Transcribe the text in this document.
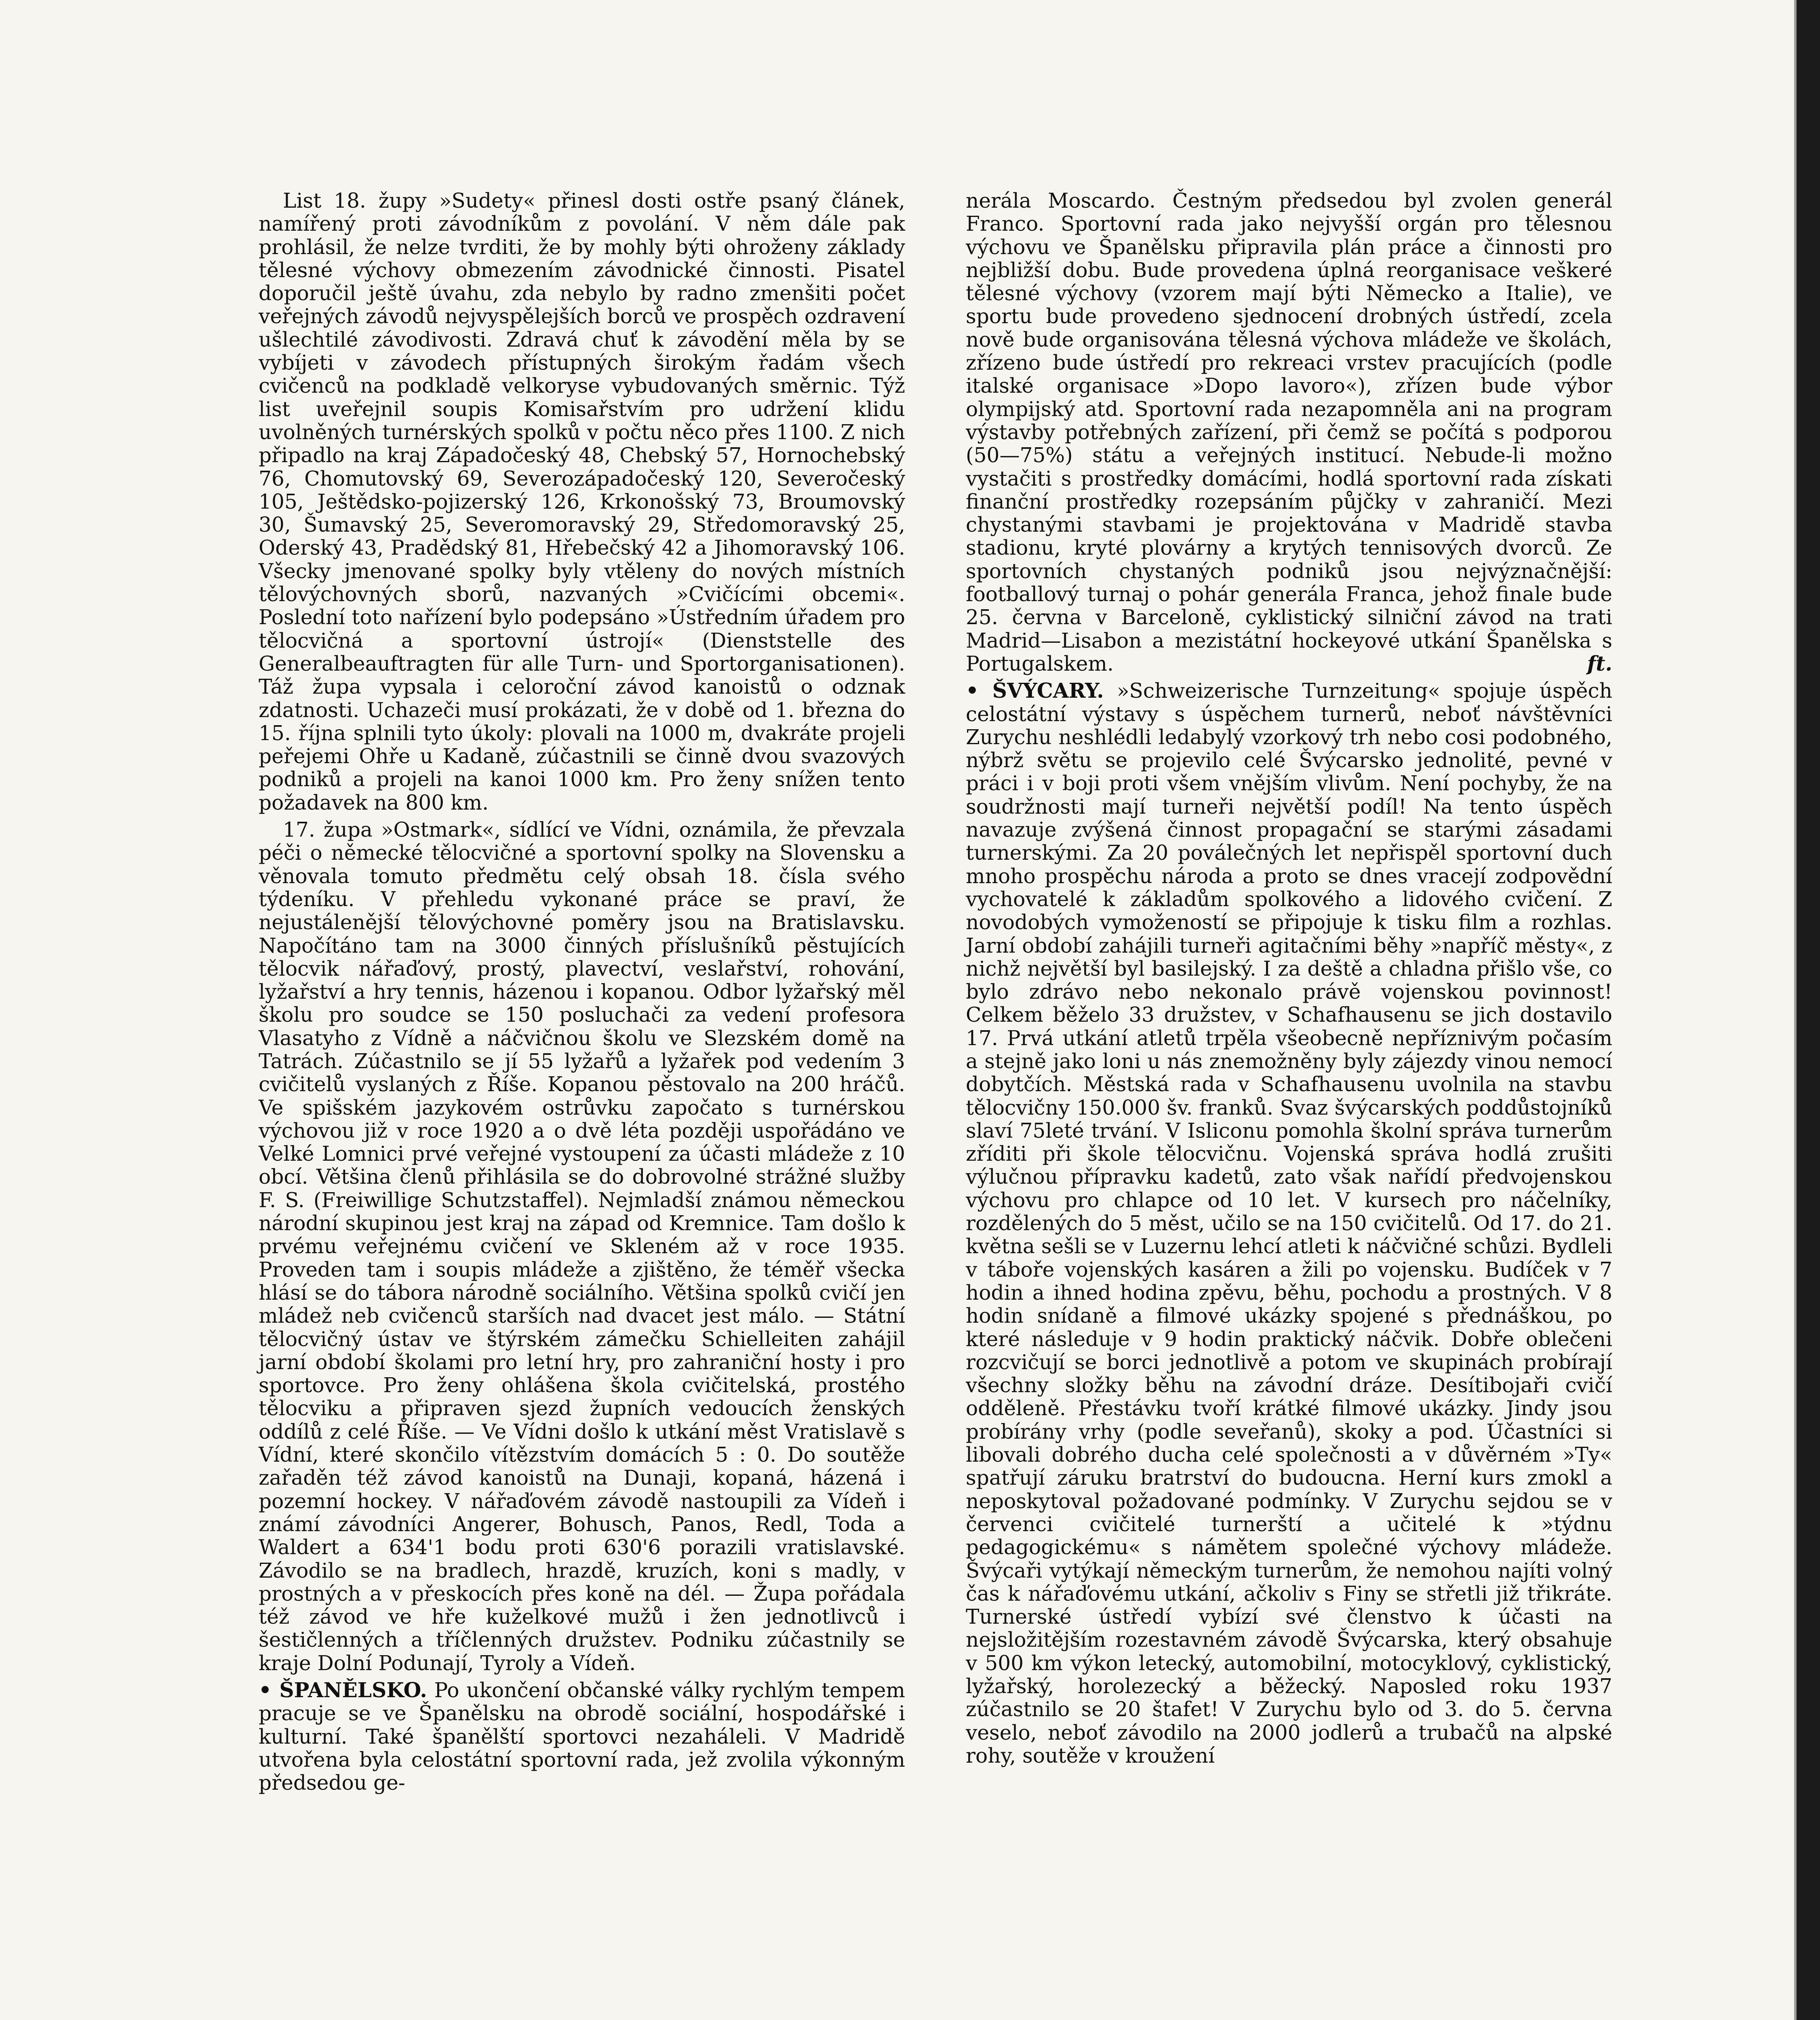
List 18. župy »Sudety« přinesl dosti ostře psaný článek, namířený proti závodníkům z povolání. V něm dále pak prohlásil, že nelze tvrditi, že by mohly býti ohroženy základy tělesné výchovy obmezením závodnické činnosti. Pisatel doporučil ještě úvahu, zda nebylo by radno zmenšiti počet veřejných závodů nejvyspělejších borců ve prospěch ozdravení ušlechtilé závodivosti. Zdravá chuť k závodění měla by se vybíjeti v závodech přístupných širokým řadám všech cvičenců na podkladě velkoryse vybudovaných směrnic. Týž list uveřejnil soupis Komisařstvím pro udržení klidu uvolněných turnérských spolků v počtu něco přes 1100. Z nich připadlo na kraj Západočeský 48, Chebský 57, Hornochebský 76, Chomutovský 69, Severozápadočeský 120, Severočeský 105, Ještědsko-pojizerský 126, Krkonošský 73, Broumovský 30, Šumavský 25, Severomoravský 29, Středomoravský 25, Oderský 43, Pradědský 81, Hřebečský 42 a Jihomoravský 106. Všecky jmenované spolky byly vtěleny do nových místních tělovýchovných sborů, nazvaných »Cvičícími obcemi«. Poslední toto nařízení bylo podepsáno »Ústředním úřadem pro tělocvičná a sportovní ústrojí« (Dienststelle des Generalbeauftragten für alle Turn- und Sportorganisationen). Táž župa vypsala i celoroční závod kanoistů o odznak zdatnosti. Uchazeči musí prokázati, že v době od 1. března do 15. října splnili tyto úkoly: plovali na 1000 m, dvakráte projeli peřejemi Ohře u Kadaně, zúčastnili se činně dvou svazových podniků a projeli na kanoi 1000 km. Pro ženy snížen tento požadavek na 800 km.

17. župa »Ostmark«, sídlící ve Vídni, oznámila, že převzala péči o německé tělocvičné a sportovní spolky na Slovensku a věnovala tomuto předmětu celý obsah 18. čísla svého týdeníku. V přehledu vykonané práce se praví, že nejustálenější tělovýchovné poměry jsou na Bratislavsku. Napočítáno tam na 3000 činných příslušníků pěstujících tělocvik nářaďový, prostý, plavectví, veslařství, rohování, lyžařství a hry tennis, házenou i kopanou. Odbor lyžařský měl školu pro soudce se 150 posluchači za vedení profesora Vlasatyho z Vídně a náčvičnou školu ve Slezském domě na Tatrách. Zúčastnilo se jí 55 lyžařů a lyžařek pod vedením 3 cvičitelů vyslaných z Říše. Kopanou pěstovalo na 200 hráčů. Ve spišském jazykovém ostrůvku započato s turnérskou výchovou již v roce 1920 a o dvě léta později uspořádáno ve Velké Lomnici prvé veřejné vystoupení za účasti mládeže z 10 obcí. Většina členů přihlásila se do dobrovolné strážné služby F. S. (Freiwillige Schutzstaffel). Nejmladší známou německou národní skupinou jest kraj na západ od Kremnice. Tam došlo k prvému veřejnému cvičení ve Skleném až v roce 1935. Proveden tam i soupis mládeže a zjištěno, že téměř všecka hlásí se do tábora národně sociálního. Většina spolků cvičí jen mládež neb cvičenců starších nad dvacet jest málo. — Státní tělocvičný ústav ve štýrském zámečku Schielleiten zahájil jarní období školami pro letní hry, pro zahraniční hosty i pro sportovce. Pro ženy ohlášena škola cvičitelská, prostého tělocviku a připraven sjezd župních vedoucích ženských oddílů z celé Říše. — Ve Vídni došlo k utkání měst Vratislavě s Vídní, které skončilo vítězstvím domácích 5 : 0. Do soutěže zařaděn též závod kanoistů na Dunaji, kopaná, házená i pozemní hockey. V nářaďovém závodě nastoupili za Vídeň i známí závodníci Angerer, Bohusch, Panos, Redl, Toda a Waldert a 634'1 bodu proti 630'6 porazili vratislavské. Závodilo se na bradlech, hrazdě, kruzích, koni s madly, v prostných a v přeskocích přes koně na dél. — Župa pořádala též závod ve hře kuželkové mužů i žen jednotlivců i šestičlenných a tříčlenných družstev. Podniku zúčastnily se kraje Dolní Podunají, Tyroly a Vídeň.

• ŠPANĚLSKO. Po ukončení občanské války rychlým tempem pracuje se ve Španělsku na obrodě sociální, hospodářské i kulturní. Také španělští sportovci nezaháleli. V Madridě utvořena byla celostátní sportovní rada, jež zvolila výkonným předsedou ge-

nerála Moscardo. Čestným předsedou byl zvolen generál Franco. Sportovní rada jako nejvyšší orgán pro tělesnou výchovu ve Španělsku připravila plán práce a činnosti pro nejbližší dobu. Bude provedena úplná reorganisace veškeré tělesné výchovy (vzorem mají býti Německo a Italie), ve sportu bude provedeno sjednocení drobných ústředí, zcela nově bude organisována tělesná výchova mládeže ve školách, zřízeno bude ústředí pro rekreaci vrstev pracujících (podle italské organisace »Dopo lavoro«), zřízen bude výbor olympijský atd. Sportovní rada nezapomněla ani na program výstavby potřebných zařízení, při čemž se počítá s podporou (50—75%) státu a veřejných institucí. Nebude-li možno vystačiti s prostředky domácími, hodlá sportovní rada získati finanční prostředky rozepsáním půjčky v zahraničí. Mezi chystanými stavbami je projektována v Madridě stavba stadionu, kryté plovárny a krytých tennisových dvorců. Ze sportovních chystaných podniků jsou nejvýznačnější: footballový turnaj o pohár generála Franca, jehož finale bude 25. června v Barceloně, cyklistický silniční závod na trati Madrid—Lisabon a mezistátní hockeyové utkání Španělska s Portugalskem.	ft.

• ŠVÝCARY. »Schweizerische Turnzeitung« spojuje úspěch celostátní výstavy s úspěchem turnerů, neboť návštěvníci Zurychu neshlédli ledabylý vzorkový trh nebo cosi podobného, nýbrž světu se projevilo celé Švýcarsko jednolité, pevné v práci i v boji proti všem vnějším vlivům. Není pochyby, že na soudržnosti mají turneři největší podíl! Na tento úspěch navazuje zvýšená činnost propagační se starými zásadami turnerskými. Za 20 poválečných let nepřispěl sportovní duch mnoho prospěchu národa a proto se dnes vracejí zodpovědní vychovatelé k základům spolkového a lidového cvičení. Z novodobých vymožeností se připojuje k tisku film a rozhlas. Jarní období zahájili turneři agitačními běhy »napříč městy«, z nichž největší byl basilejský. I za deště a chladna přišlo vše, co bylo zdrávo nebo nekonalo právě vojenskou povinnost! Celkem běželo 33 družstev, v Schafhausenu se jich dostavilo 17. Prvá utkání atletů trpěla všeobecně nepříznivým počasím a stejně jako loni u nás znemožněny byly zájezdy vinou nemocí dobytčích. Městská rada v Schafhausenu uvolnila na stavbu tělocvičny 150.000 šv. franků. Svaz švýcarských poddůstojníků slaví 75leté trvání. V Isliconu pomohla školní správa turnerům zříditi při škole tělocvičnu. Vojenská správa hodlá zrušiti výlučnou přípravku kadetů, zato však nařídí předvojenskou výchovu pro chlapce od 10 let. V kursech pro náčelníky, rozdělených do 5 měst, učilo se na 150 cvičitelů. Od 17. do 21. května sešli se v Luzernu lehcí atleti k náčvičné schůzi. Bydleli v táboře vojenských kasáren a žili po vojensku. Budíček v 7 hodin a ihned hodina zpěvu, běhu, pochodu a prostných. V 8 hodin snídaně a filmové ukázky spojené s přednáškou, po které následuje v 9 hodin praktický náčvik. Dobře oblečeni rozcvičují se borci jednotlivě a potom ve skupinách probírají všechny složky běhu na závodní dráze. Desítibojaři cvičí odděleně. Přestávku tvoří krátké filmové ukázky. Jindy jsou probírány vrhy (podle seveřanů), skoky a pod. Účastníci si libovali dobrého ducha celé společnosti a v důvěrném »Ty« spatřují záruku bratrství do budoucna. Herní kurs zmokl a neposkytoval požadované podmínky. V Zurychu sejdou se v červenci cvičitelé turnerští a učitelé k »týdnu pedagogickému« s námětem společné výchovy mládeže. Švýcaři vytýkají německým turnerům, že nemohou najíti volný čas k nářaďovému utkání, ačkoliv s Finy se střetli již třikráte. Turnerské ústředí vybízí své členstvo k účasti na nejsložitějším rozestavném závodě Švýcarska, který obsahuje v 500 km výkon letecký, automobilní, motocyklový, cyklistický, lyžařský, horolezecký a běžecký. Naposled roku 1937 zúčastnilo se 20 štafet! V Zurychu bylo od 3. do 5. června veselo, neboť závodilo na 2000 jodlerů a trubačů na alpské rohy, soutěže v kroužení
